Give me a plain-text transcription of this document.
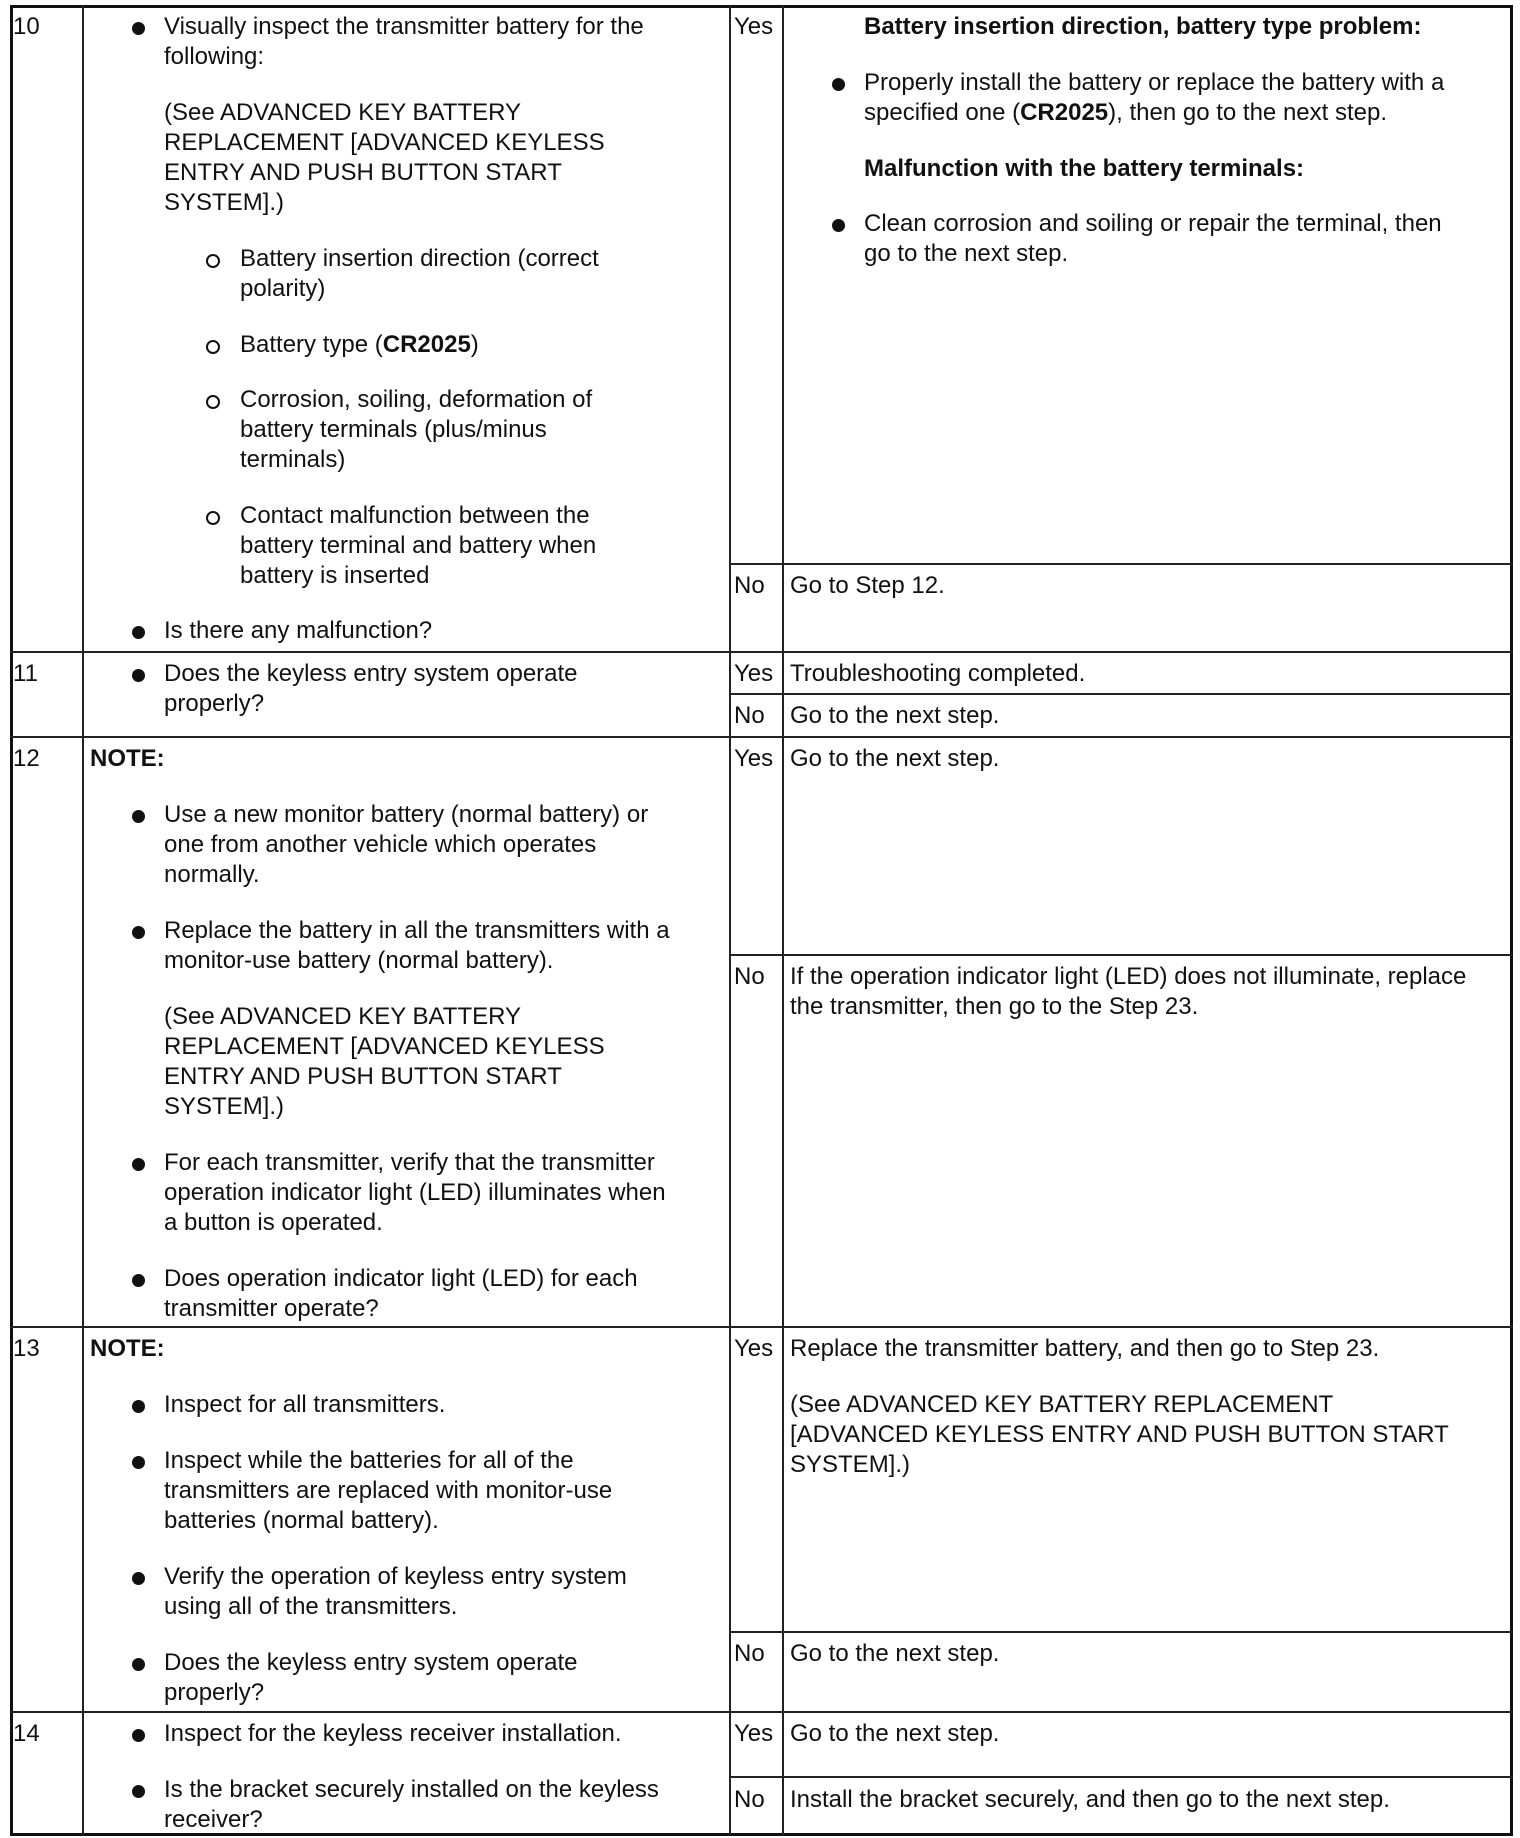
10	Visually inspect the transmitter battery for the
following:
(See ADVANCED KEY BATTERY
REPLACEMENT [ADVANCED KEYLESS
ENTRY AND PUSH BUTTON START
SYSTEM].)
Battery insertion direction (correct
polarity)
Battery type (CR2025)
Corrosion, soiling, deformation of
battery terminals (plus/minus
terminals)
Contact malfunction between the
battery terminal and battery when
battery is inserted
Is there any malfunction?
Yes	Battery insertion direction, battery type problem:
Properly install the battery or replace the battery with a
specified one (CR2025), then go to the next step.
Malfunction with the battery terminals:
Clean corrosion and soiling or repair the terminal, then
go to the next step.
No Go to Step 12.
11	Does the keyless entry system operate
properly?
Yes Troubleshooting completed.
No Go to the next step.
12 NOTE:
Use a new monitor battery (normal battery) or
one from another vehicle which operates
normally.
Replace the battery in all the transmitters with a
monitor-use battery (normal battery).
(See ADVANCED KEY BATTERY
REPLACEMENT [ADVANCED KEYLESS
ENTRY AND PUSH BUTTON START
SYSTEM].)
For each transmitter, verify that the transmitter
operation indicator light (LED) illuminates when
a button is operated.
Does operation indicator light (LED) for each
transmitter operate?
Yes Go to the next step.
No If the operation indicator light (LED) does not illuminate, replace
the transmitter, then go to the Step 23.
13 NOTE:
Inspect for all transmitters.
Inspect while the batteries for all of the
transmitters are replaced with monitor-use
batteries (normal battery).
Verify the operation of keyless entry system
using all of the transmitters.
Does the keyless entry system operate
properly?
Yes Replace the transmitter battery, and then go to Step 23.
(See ADVANCED KEY BATTERY REPLACEMENT
[ADVANCED KEYLESS ENTRY AND PUSH BUTTON START
SYSTEM].)
No Go to the next step.
14	Inspect for the keyless receiver installation.
Is the bracket securely installed on the keyless
receiver?
Yes Go to the next step.
No Install the bracket securely, and then go to the next step.
